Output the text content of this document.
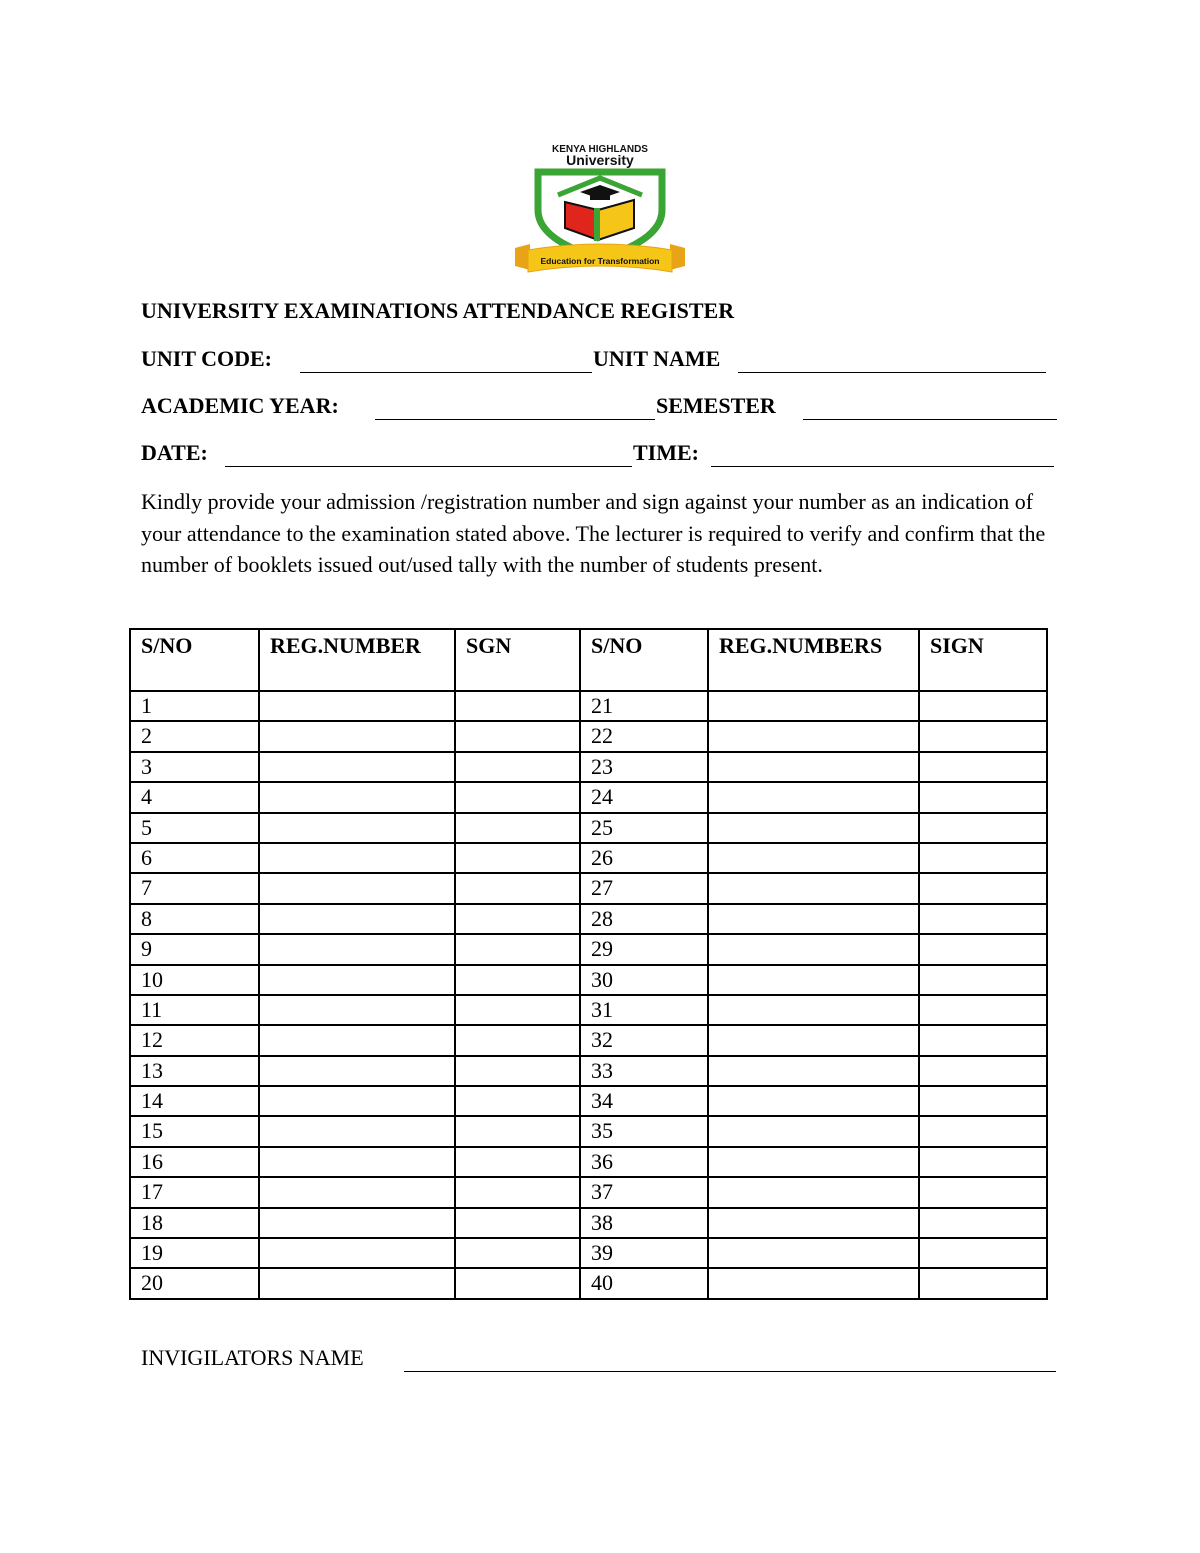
KENYA HIGHLANDS
University
Education for Transformation
UNIVERSITY EXAMINATIONS ATTENDANCE REGISTER
UNIT CODE:	UNIT NAME
ACADEMIC YEAR:	SEMESTER
DATE:	TIME:
Kindly provide your admission /registration number and sign against your number as an indication of your attendance to the examination stated above. The lecturer is required to verify and confirm that the number of booklets issued out/used tally with the number of students present.
S/NO	REG.NUMBER	SGN	S/NO	REG.NUMBERS	SIGN
1			21		
2			22		
3			23		
4			24		
5			25		
6			26		
7			27		
8			28		
9			29		
10			30		
11			31		
12			32		
13			33		
14			34		
15			35		
16			36		
17			37		
18			38		
19			39		
20			40		
INVIGILATORS NAME
